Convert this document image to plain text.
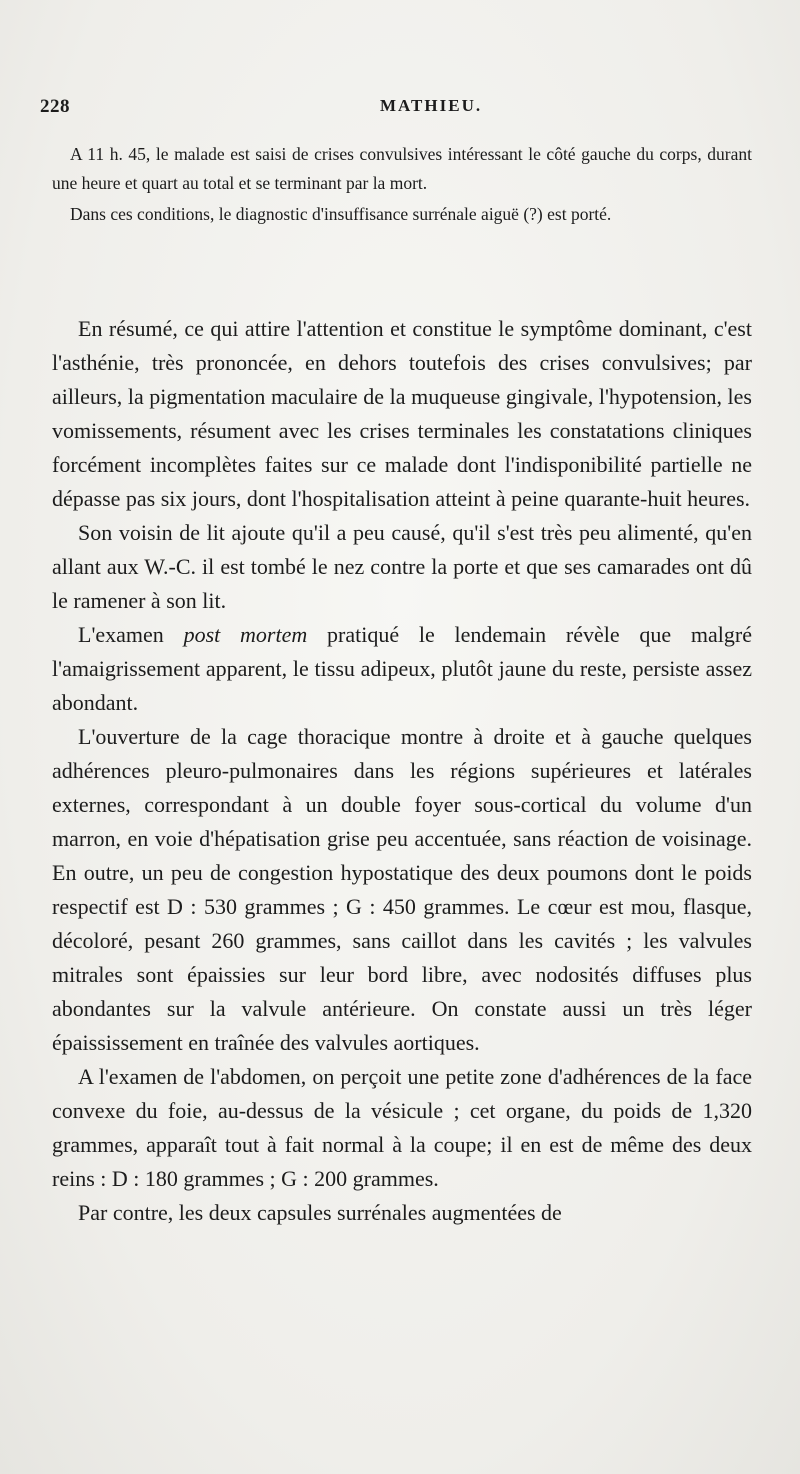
228	MATHIEU.

A 11 h. 45, le malade est saisi de crises convulsives intéressant le côté gauche du corps, durant une heure et quart au total et se terminant par la mort.

Dans ces conditions, le diagnostic d'insuffisance surrénale aiguë (?) est porté.

En résumé, ce qui attire l'attention et constitue le symptôme dominant, c'est l'asthénie, très prononcée, en dehors toutefois des crises convulsives; par ailleurs, la pigmentation maculaire de la muqueuse gingivale, l'hypotension, les vomissements, résument avec les crises terminales les constatations cliniques forcément incomplètes faites sur ce malade dont l'indisponibilité partielle ne dépasse pas six jours, dont l'hospitalisation atteint à peine quarante-huit heures.

Son voisin de lit ajoute qu'il a peu causé, qu'il s'est très peu alimenté, qu'en allant aux W.-C. il est tombé le nez contre la porte et que ses camarades ont dû le ramener à son lit.

L'examen post mortem pratiqué le lendemain révèle que malgré l'amaigrissement apparent, le tissu adipeux, plutôt jaune du reste, persiste assez abondant.

L'ouverture de la cage thoracique montre à droite et à gauche quelques adhérences pleuro-pulmonaires dans les régions supérieures et latérales externes, correspondant à un double foyer sous-cortical du volume d'un marron, en voie d'hépatisation grise peu accentuée, sans réaction de voisinage. En outre, un peu de congestion hypostatique des deux poumons dont le poids respectif est D : 530 grammes ; G : 450 grammes. Le cœur est mou, flasque, décoloré, pesant 260 grammes, sans caillot dans les cavités ; les valvules mitrales sont épaissies sur leur bord libre, avec nodosités diffuses plus abondantes sur la valvule antérieure. On constate aussi un très léger épaississement en traînée des valvules aortiques.

A l'examen de l'abdomen, on perçoit une petite zone d'adhérences de la face convexe du foie, au-dessus de la vésicule ; cet organe, du poids de 1,320 grammes, apparaît tout à fait normal à la coupe; il en est de même des deux reins : D : 180 grammes ; G : 200 grammes.

Par contre, les deux capsules surrénales augmentées de
